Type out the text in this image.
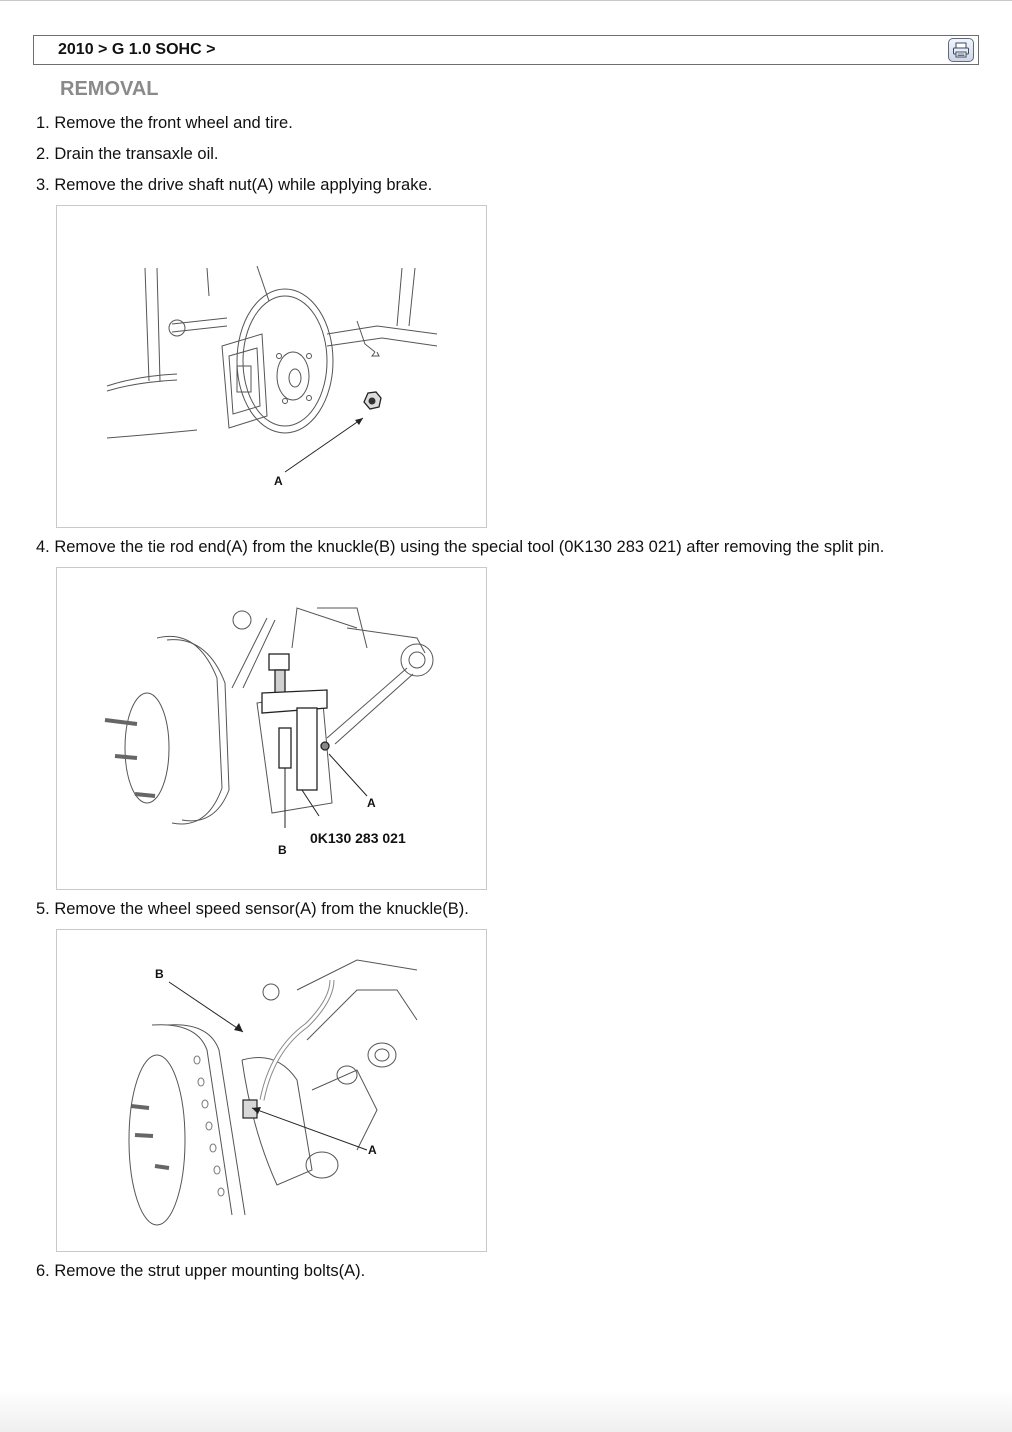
2010 > G 1.0 SOHC >
REMOVAL
1. Remove the front wheel and tire.
2. Drain the transaxle oil.
3. Remove the drive shaft nut(A) while applying brake.
A
4. Remove the tie rod end(A) from the knuckle(B) using the special tool (0K130 283 021) after removing the split pin.
A
B
0K130 283 021
5. Remove the wheel speed sensor(A) from the knuckle(B).
B
A
6. Remove the strut upper mounting bolts(A).
